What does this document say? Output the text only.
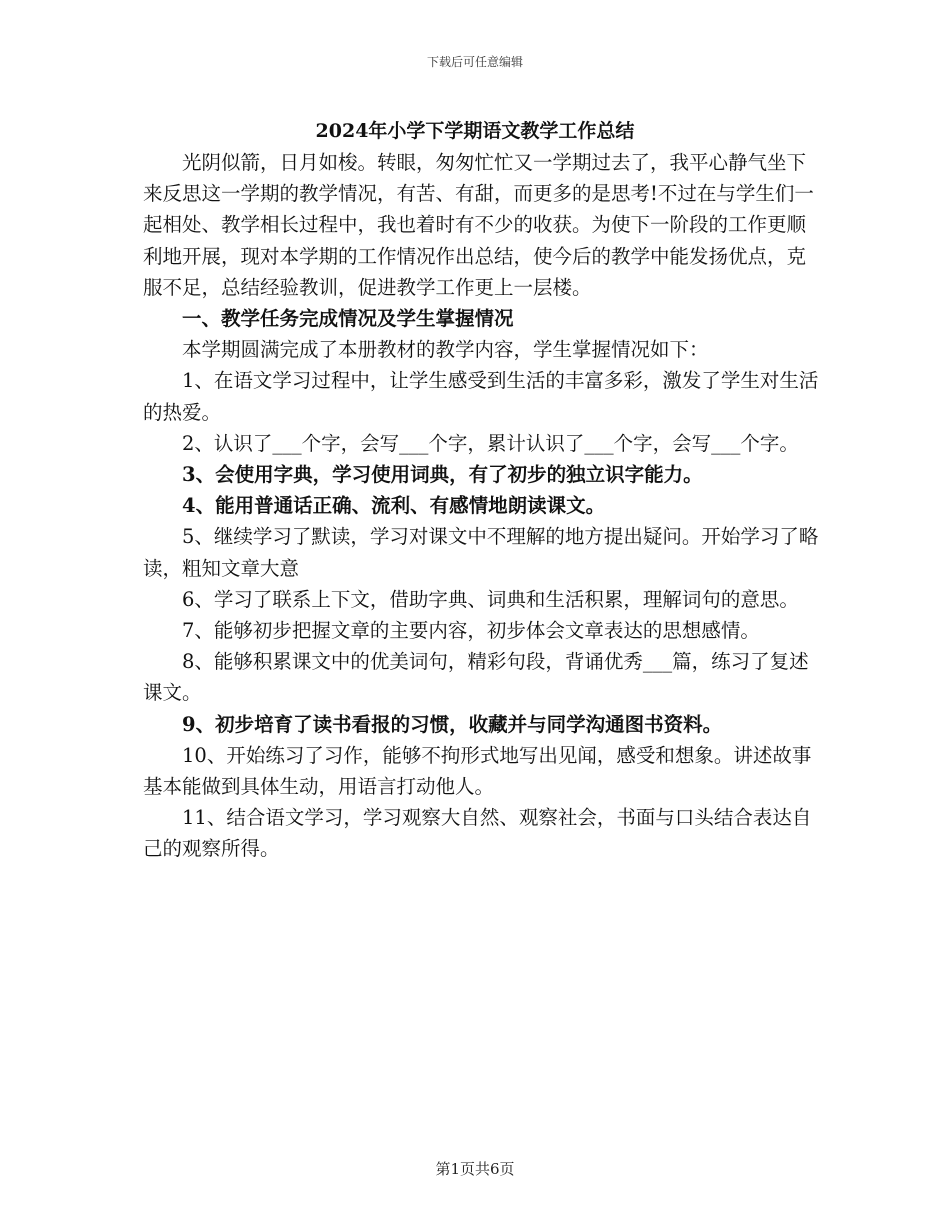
下载后可任意编辑
2024年小学下学期语文教学工作总结

光阴似箭，日月如梭。转眼，匆匆忙忙又一学期过去了，我平心静气坐下来反思这一学期的教学情况，有苦、有甜，而更多的是思考!不过在与学生们一起相处、教学相长过程中，我也着时有不少的收获。为使下一阶段的工作更顺利地开展，现对本学期的工作情况作出总结，使今后的教学中能发扬优点，克服不足，总结经验教训，促进教学工作更上一层楼。

一、教学任务完成情况及学生掌握情况

本学期圆满完成了本册教材的教学内容，学生掌握情况如下：

1、在语文学习过程中，让学生感受到生活的丰富多彩，激发了学生对生活的热爱。

2、认识了___个字，会写___个字，累计认识了___个字，会写___个字。

3、会使用字典，学习使用词典，有了初步的独立识字能力。

4、能用普通话正确、流利、有感情地朗读课文。

5、继续学习了默读，学习对课文中不理解的地方提出疑问。开始学习了略读，粗知文章大意

6、学习了联系上下文，借助字典、词典和生活积累，理解词句的意思。

7、能够初步把握文章的主要内容，初步体会文章表达的思想感情。

8、能够积累课文中的优美词句，精彩句段，背诵优秀___篇，练习了复述课文。

9、初步培育了读书看报的习惯，收藏并与同学沟通图书资料。

10、开始练习了习作，能够不拘形式地写出见闻，感受和想象。讲述故事基本能做到具体生动，用语言打动他人。

11、结合语文学习，学习观察大自然、观察社会，书面与口头结合表达自己的观察所得。

第1页共6页
